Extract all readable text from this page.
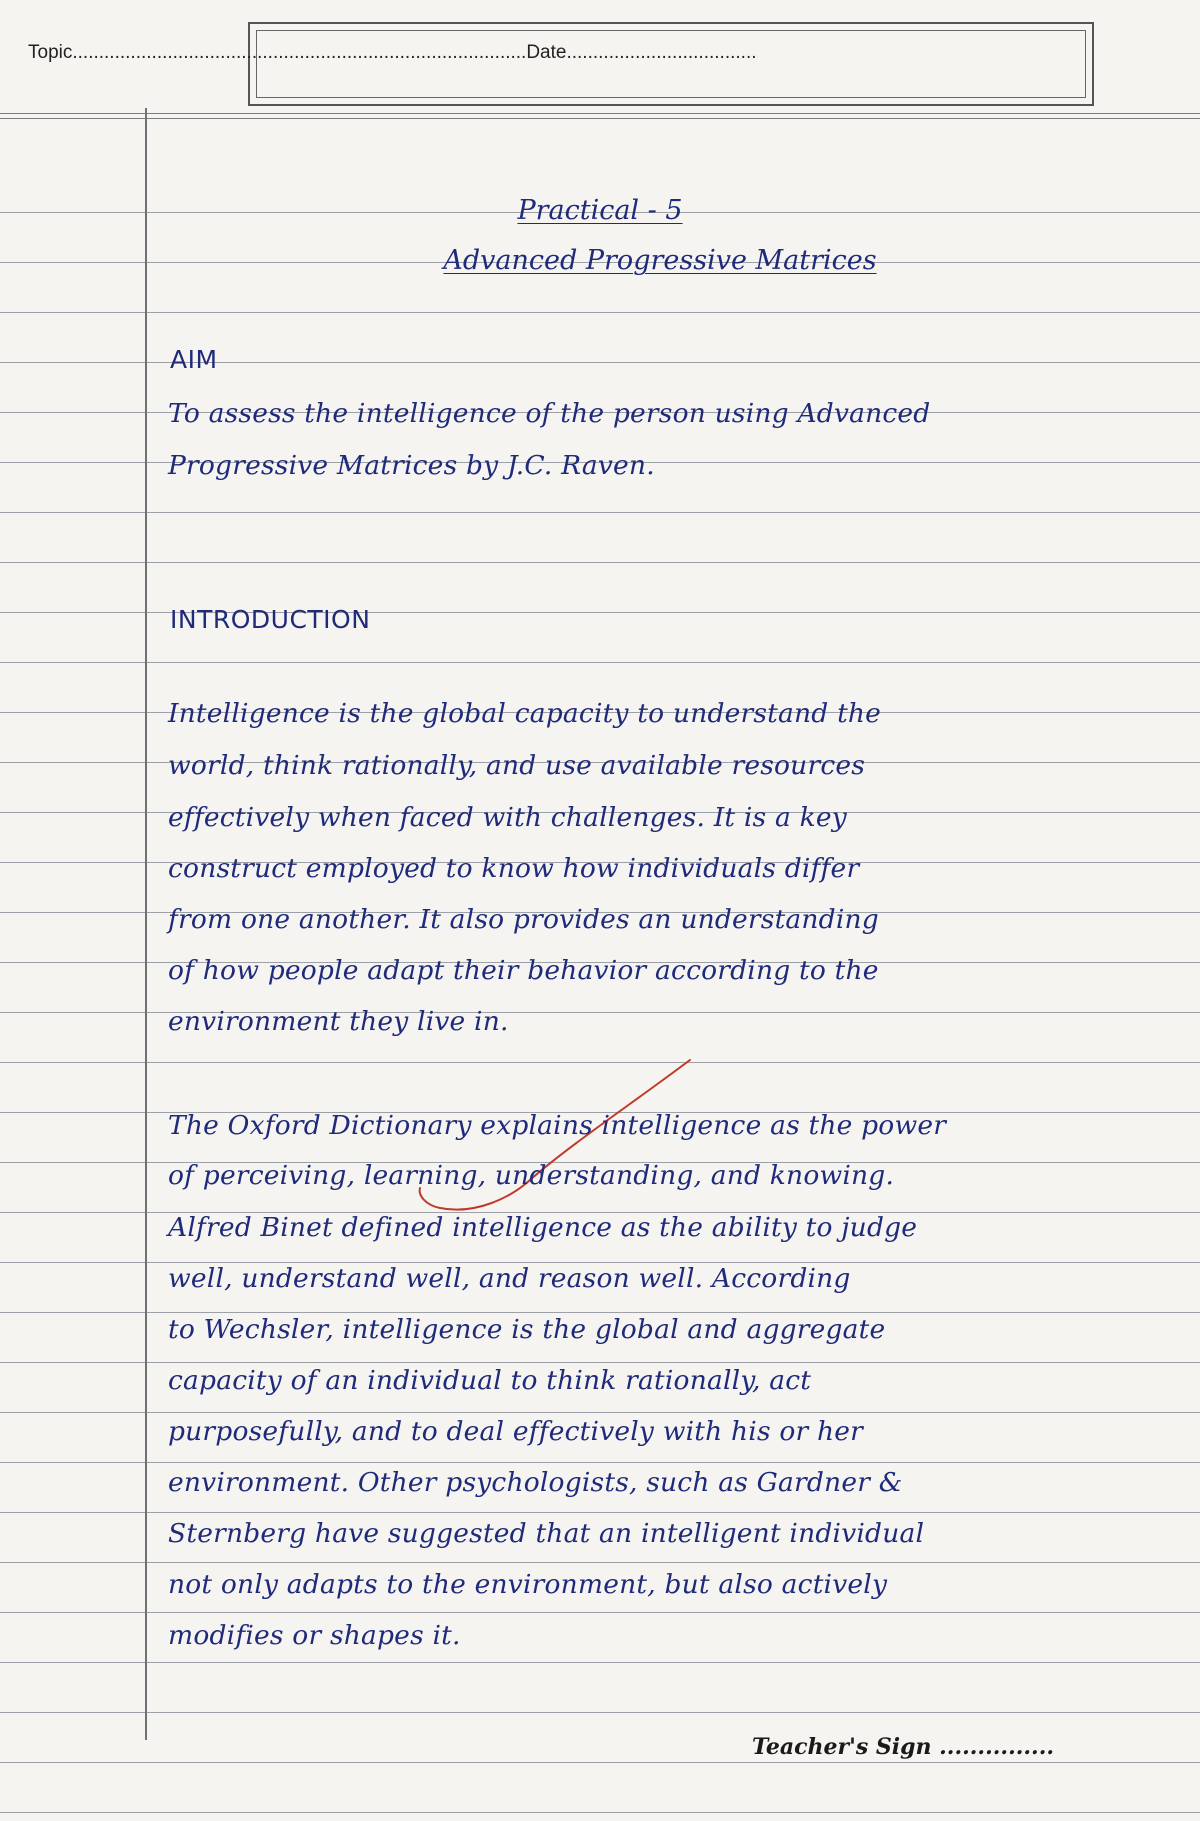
Topic......................................................................................Date....................................
Practical - 5
Advanced Progressive Matrices
AIM
To assess the intelligence of the person using Advanced
Progressive Matrices by J.C. Raven.
INTRODUCTION
Intelligence is the global capacity to understand the
world, think rationally, and use available resources
effectively when faced with challenges. It is a key
construct employed to know how individuals differ
from one another. It also provides an understanding
of how people adapt their behavior according to the
environment they live in.
The Oxford Dictionary explains intelligence as the power
of perceiving, learning, understanding, and knowing.
Alfred Binet defined intelligence as the ability to judge
well, understand well, and reason well. According
to Wechsler, intelligence is the global and aggregate
capacity of an individual to think rationally, act
purposefully, and to deal effectively with his or her
environment. Other psychologists, such as Gardner &
Sternberg have suggested that an intelligent individual
not only adapts to the environment, but also actively
modifies or shapes it.
Teacher's Sign ...............
